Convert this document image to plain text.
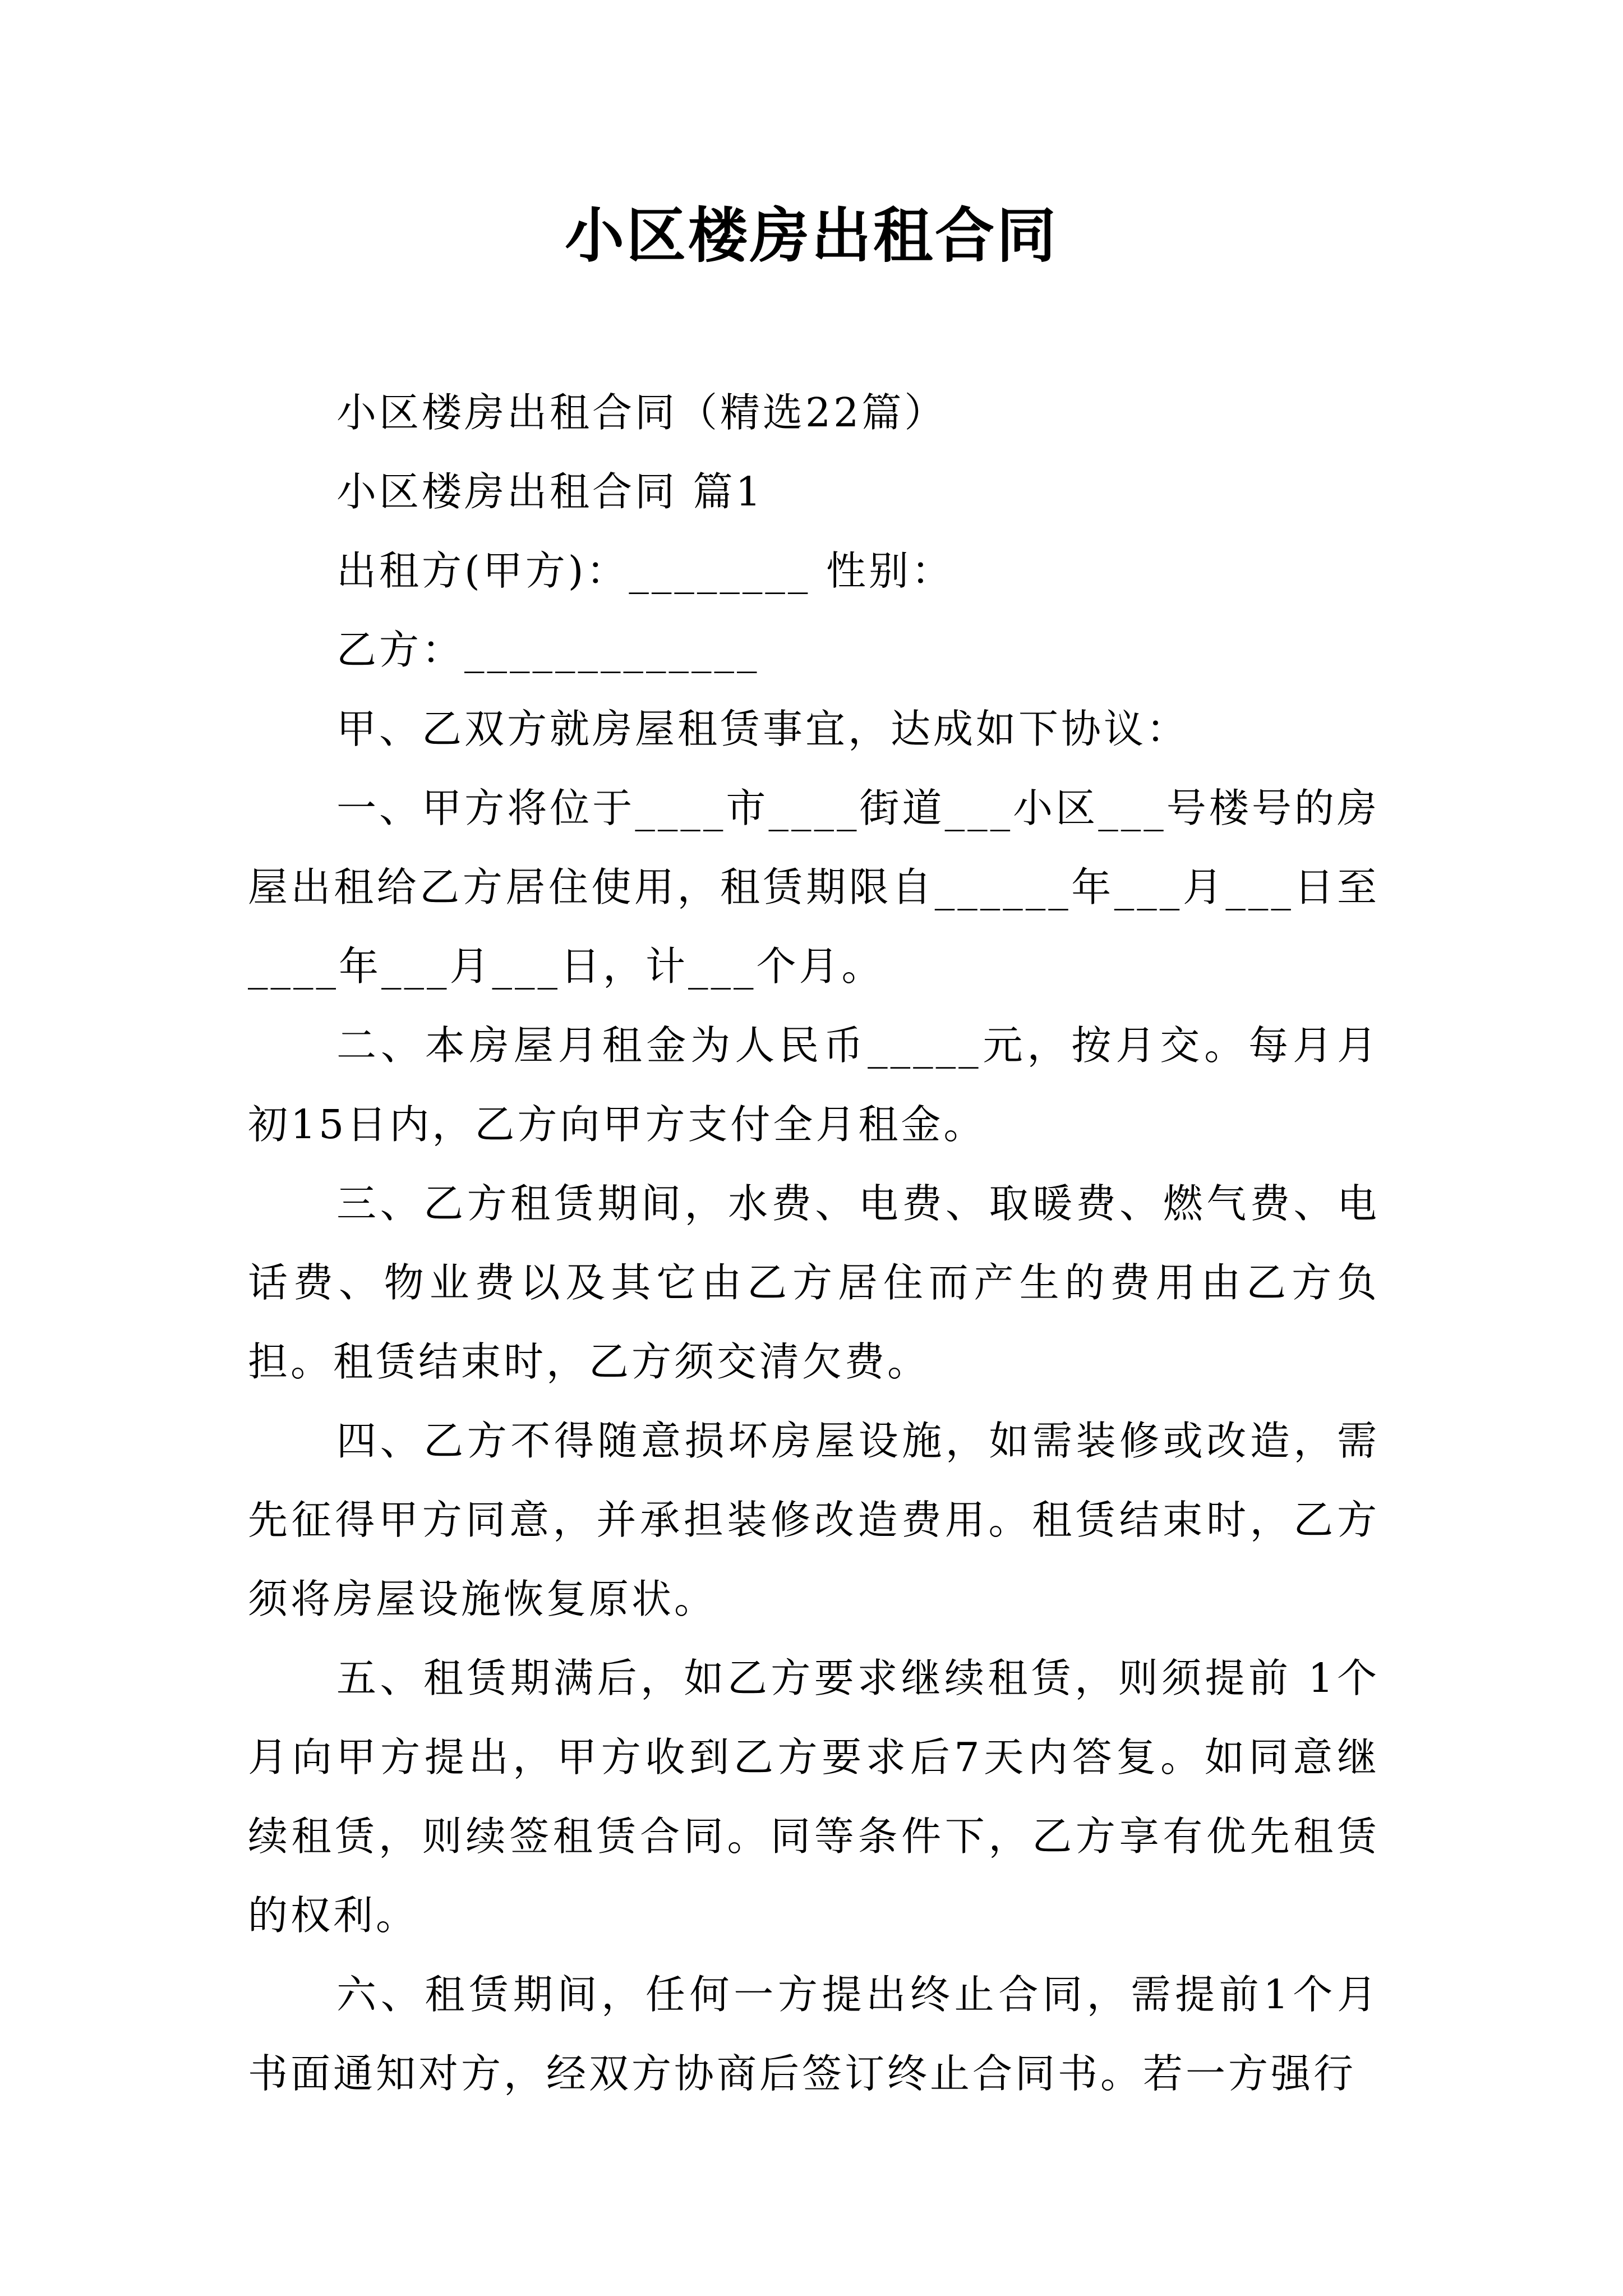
小区楼房出租合同

小区楼房出租合同（精选22篇）

小区楼房出租合同 篇1

出租方(甲方)：________ 性别：

乙方：_____________

甲、乙双方就房屋租赁事宜，达成如下协议：

一、甲方将位于____市____街道___小区___号楼号的房屋出租给乙方居住使用，租赁期限自______年___月___日至____年___月___日，计___个月。

二、本房屋月租金为人民币_____元，按月交。每月月初15日内，乙方向甲方支付全月租金。

三、乙方租赁期间，水费、电费、取暖费、燃气费、电话费、物业费以及其它由乙方居住而产生的费用由乙方负担。租赁结束时，乙方须交清欠费。

四、乙方不得随意损坏房屋设施，如需装修或改造，需先征得甲方同意，并承担装修改造费用。租赁结束时，乙方须将房屋设施恢复原状。

五、租赁期满后，如乙方要求继续租赁，则须提前 1个月向甲方提出，甲方收到乙方要求后7天内答复。如同意继续租赁，则续签租赁合同。同等条件下，乙方享有优先租赁的权利。

六、租赁期间，任何一方提出终止合同，需提前1个月书面通知对方，经双方协商后签订终止合同书。若一方强行
